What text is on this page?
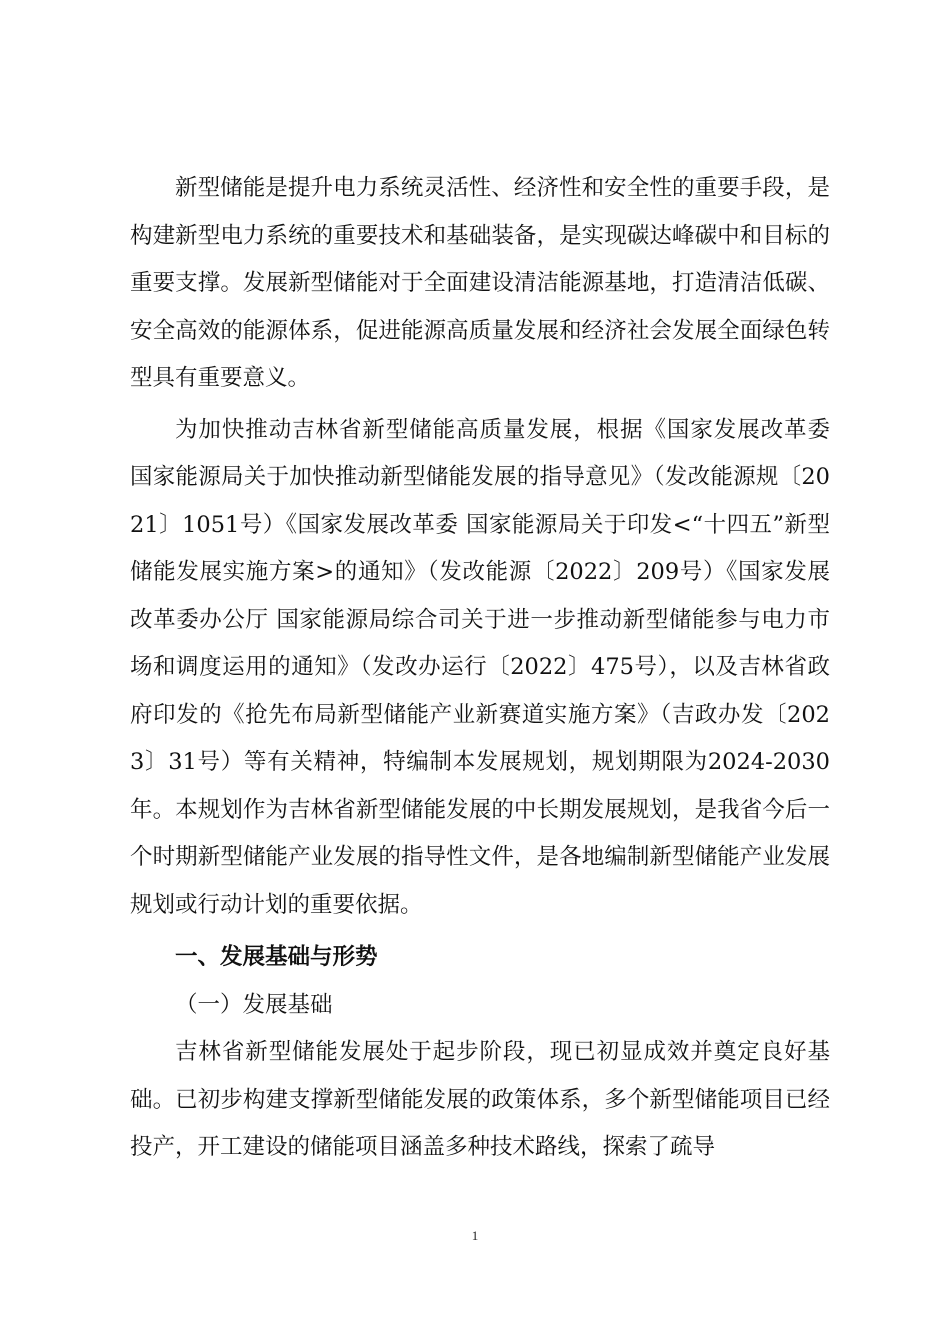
新型储能是提升电力系统灵活性、经济性和安全性的重要手段，是构建新型电力系统的重要技术和基础装备，是实现碳达峰碳中和目标的重要支撑。发展新型储能对于全面建设清洁能源基地，打造清洁低碳、安全高效的能源体系，促进能源高质量发展和经济社会发展全面绿色转型具有重要意义。

为加快推动吉林省新型储能高质量发展，根据《国家发展改革委 国家能源局关于加快推动新型储能发展的指导意见》（发改能源规〔2021〕1051号）《国家发展改革委 国家能源局关于印发<“十四五”新型储能发展实施方案>的通知》（发改能源〔2022〕209号）《国家发展改革委办公厅 国家能源局综合司关于进一步推动新型储能参与电力市场和调度运用的通知》（发改办运行〔2022〕475号），以及吉林省政府印发的《抢先布局新型储能产业新赛道实施方案》（吉政办发〔2023〕31号）等有关精神，特编制本发展规划，规划期限为2024-2030年。本规划作为吉林省新型储能发展的中长期发展规划，是我省今后一个时期新型储能产业发展的指导性文件，是各地编制新型储能产业发展规划或行动计划的重要依据。

一、发展基础与形势

（一）发展基础

吉林省新型储能发展处于起步阶段，现已初显成效并奠定良好基础。已初步构建支撑新型储能发展的政策体系，多个新型储能项目已经投产，开工建设的储能项目涵盖多种技术路线，探索了疏导

1
